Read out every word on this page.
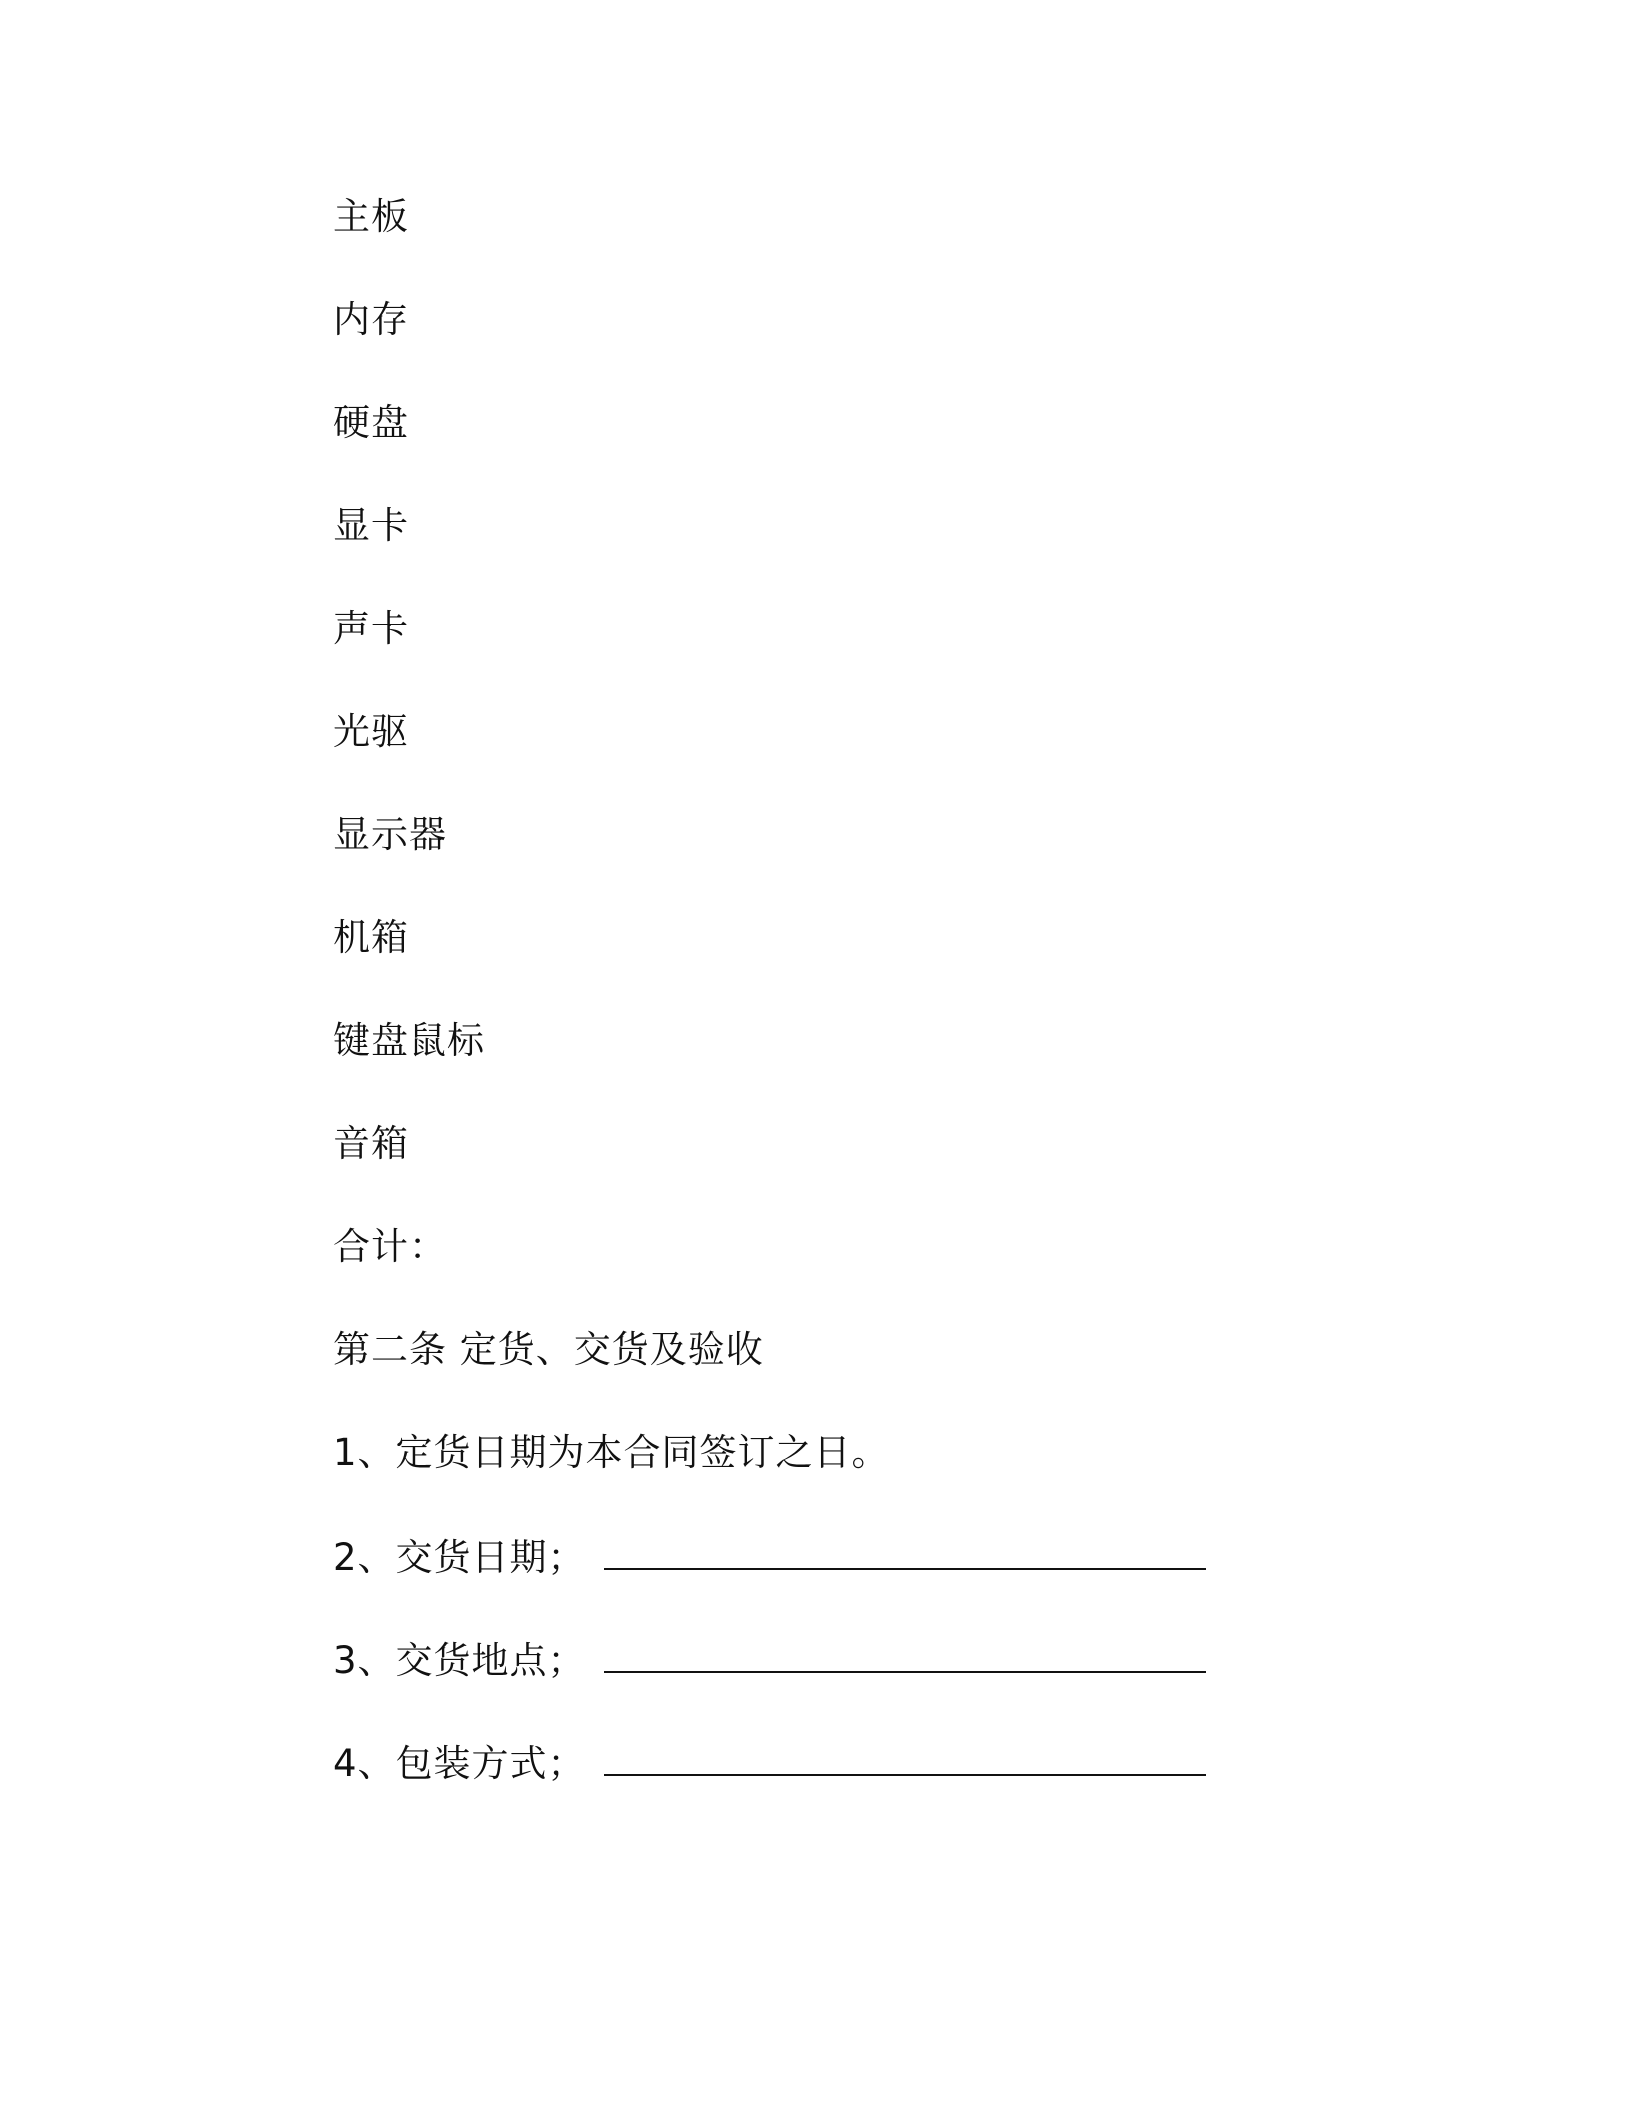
主板
内存
硬盘
显卡
声卡
光驱
显示器
机箱
键盘鼠标
音箱
合计：
第二条 定货、交货及验收
1、定货日期为本合同签订之日。
2、交货日期；
3、交货地点；
4、包装方式；
